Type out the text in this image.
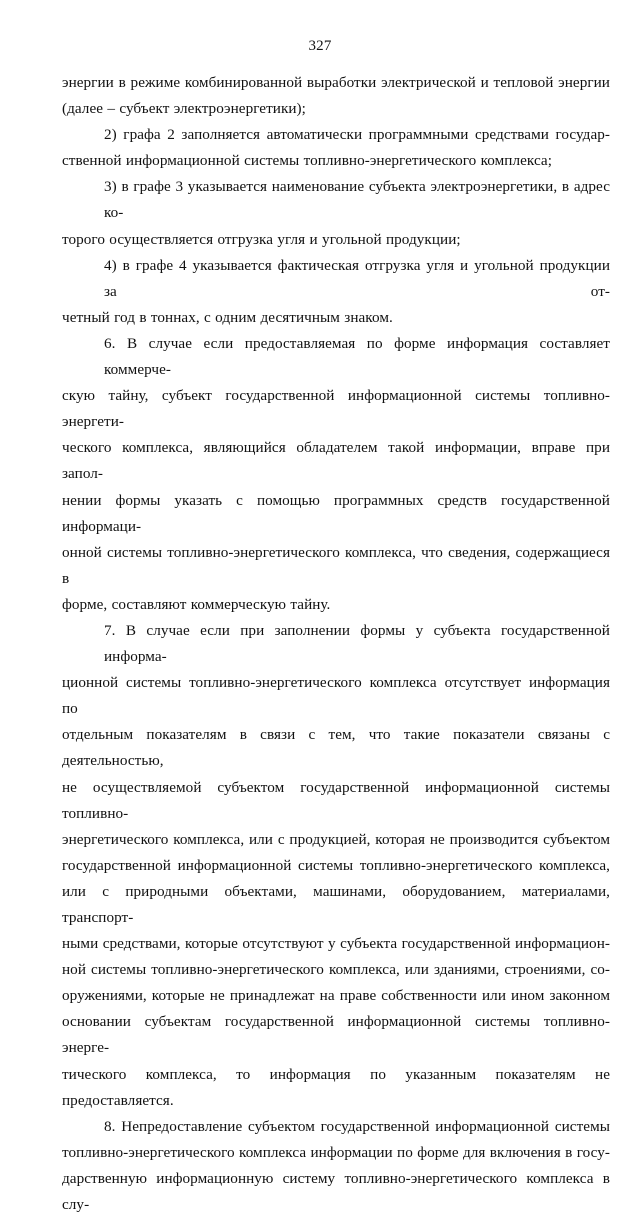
327

энергии в режиме комбинированной выработки электрической и тепловой энергии
(далее – субъект электроэнергетики);

2) графа 2 заполняется автоматически программными средствами государ-
ственной информационной системы топливно-энергетического комплекса;

3) в графе 3 указывается наименование субъекта электроэнергетики, в адрес ко-
торого осуществляется отгрузка угля и угольной продукции;

4) в графе 4 указывается фактическая отгрузка угля и угольной продукции за от-
четный год в тоннах, с одним десятичным знаком.

6. В случае если предоставляемая по форме информация составляет коммерче-
скую тайну, субъект государственной информационной системы топливно-энергети-
ческого комплекса, являющийся обладателем такой информации, вправе при запол-
нении формы указать с помощью программных средств государственной информаци-
онной системы топливно-энергетического комплекса, что сведения, содержащиеся в
форме, составляют коммерческую тайну.

7. В случае если при заполнении формы у субъекта государственной информа-
ционной системы топливно-энергетического комплекса отсутствует информация по
отдельным показателям в связи с тем, что такие показатели связаны с деятельностью,
не осуществляемой субъектом государственной информационной системы топливно-
энергетического комплекса, или с продукцией, которая не производится субъектом
государственной информационной системы топливно-энергетического комплекса,
или с природными объектами, машинами, оборудованием, материалами, транспорт-
ными средствами, которые отсутствуют у субъекта государственной информацион-
ной системы топливно-энергетического комплекса, или зданиями, строениями, со-
оружениями, которые не принадлежат на праве собственности или ином законном
основании субъектам государственной информационной системы топливно-энерге-
тического комплекса, то информация по указанным показателям не предоставляется.

8. Непредоставление субъектом государственной информационной системы
топливно-энергетического комплекса информации по форме для включения в госу-
дарственную информационную систему топливно-энергетического комплекса в слу-
